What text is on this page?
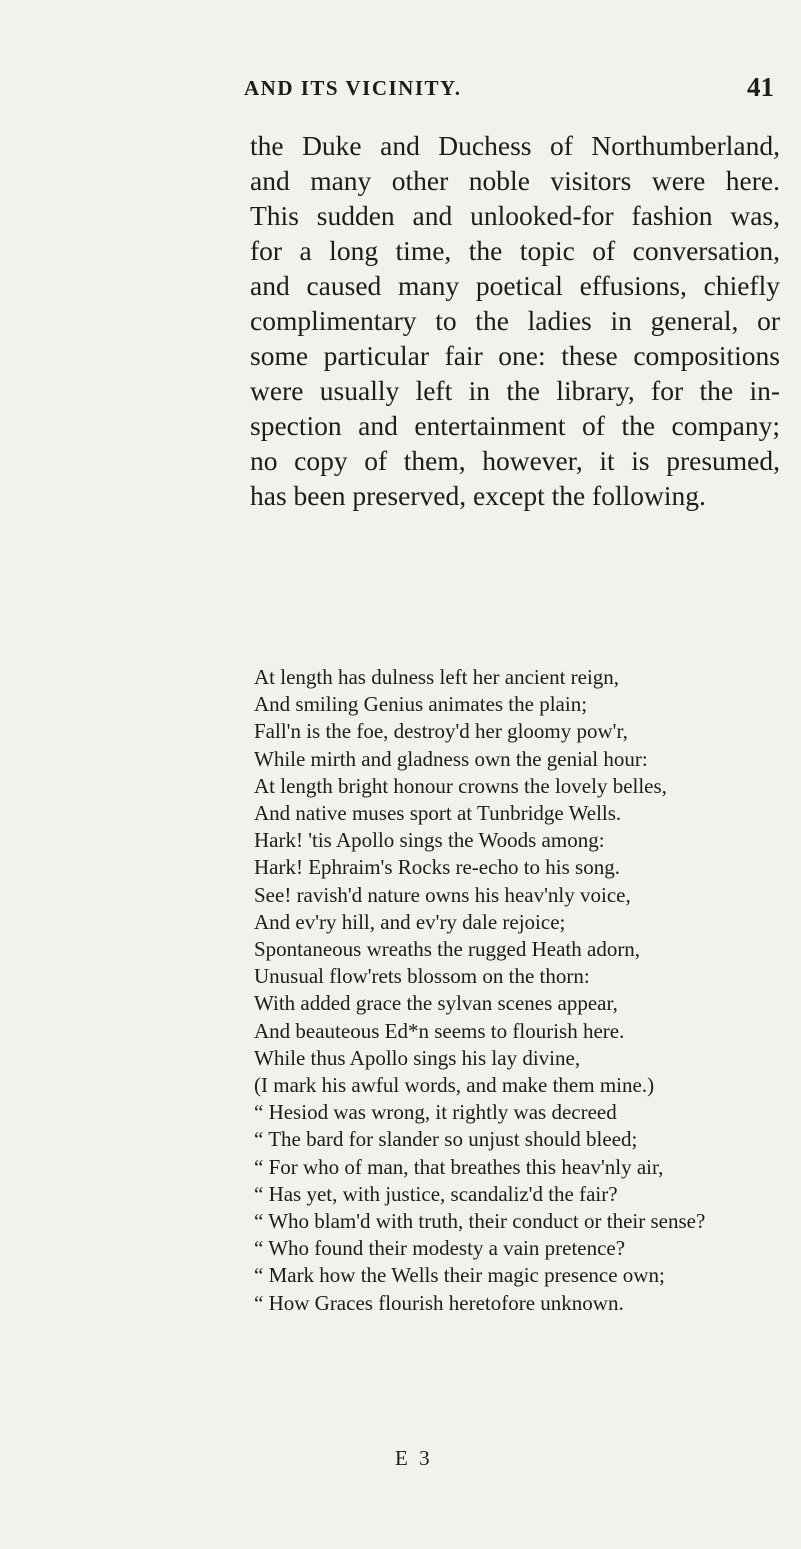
AND ITS VICINITY.	41
the Duke and Duchess of Northumberland,
and many other noble visitors were here.
This sudden and unlooked-for fashion was,
for a long time, the topic of conversation,
and caused many poetical effusions, chiefly
complimentary to the ladies in general, or
some particular fair one: these compositions
were usually left in the library, for the in-
spection and entertainment of the company;
no copy of them, however, it is presumed,
has been preserved, except the following.
At length has dulness left her ancient reign,
And smiling Genius animates the plain;
Fall'n is the foe, destroy'd her gloomy pow'r,
While mirth and gladness own the genial hour:
At length bright honour crowns the lovely belles,
And native muses sport at Tunbridge Wells.
Hark! 'tis Apollo sings the Woods among:
Hark! Ephraim's Rocks re-echo to his song.
See! ravish'd nature owns his heav'nly voice,
And ev'ry hill, and ev'ry dale rejoice;
Spontaneous wreaths the rugged Heath adorn,
Unusual flow'rets blossom on the thorn:
With added grace the sylvan scenes appear,
And beauteous Ed*n seems to flourish here.
While thus Apollo sings his lay divine,
(I mark his awful words, and make them mine.)
“ Hesiod was wrong, it rightly was decreed
“ The bard for slander so unjust should bleed;
“ For who of man, that breathes this heav'nly air,
“ Has yet, with justice, scandaliz'd the fair?
“ Who blam'd with truth, their conduct or their sense?
“ Who found their modesty a vain pretence?
“ Mark how the Wells their magic presence own;
“ How Graces flourish heretofore unknown.
E 3
